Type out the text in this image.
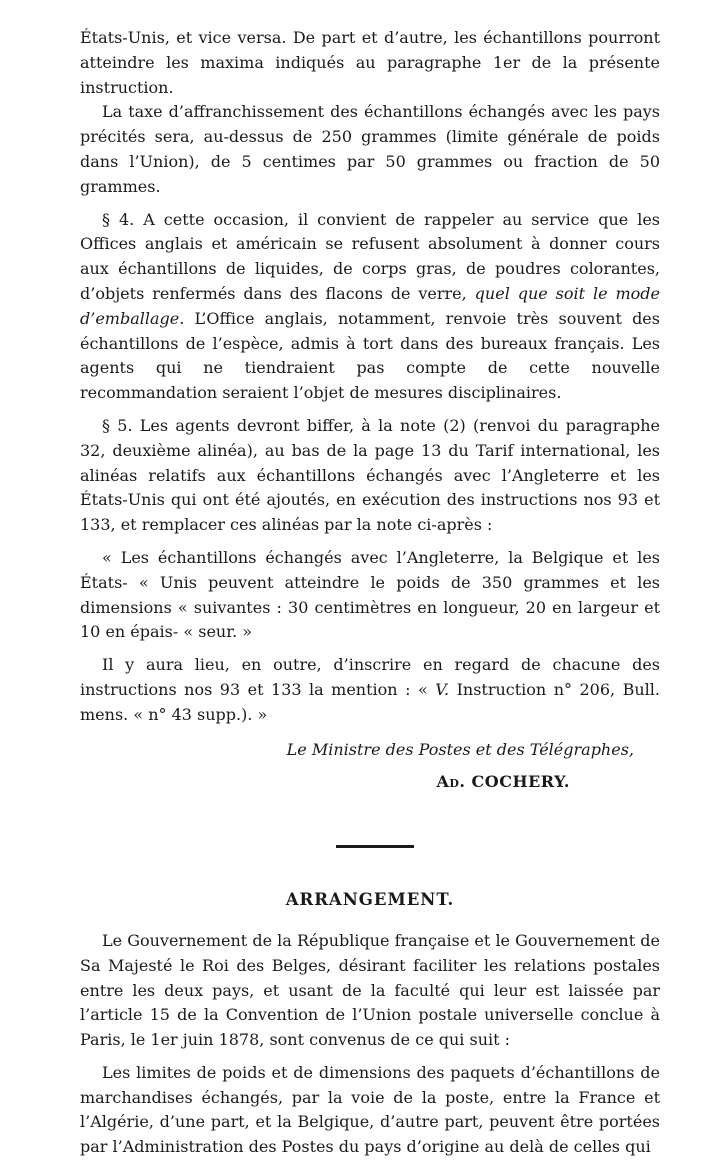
États-Unis, et vice versa. De part et d’autre, les échantillons pourront atteindre les maxima indiqués au paragraphe 1er de la présente instruction.

La taxe d’affranchissement des échantillons échangés avec les pays précités sera, au-dessus de 250 grammes (limite générale de poids dans l’Union), de 5 centimes par 50 grammes ou fraction de 50 grammes.

§ 4. A cette occasion, il convient de rappeler au service que les Offices anglais et américain se refusent absolument à donner cours aux échantillons de liquides, de corps gras, de poudres colorantes, d’objets renfermés dans des flacons de verre, quel que soit le mode d’emballage. L’Office anglais, notamment, renvoie très souvent des échantillons de l’espèce, admis à tort dans des bureaux français. Les agents qui ne tiendraient pas compte de cette nouvelle recommandation seraient l’objet de mesures disciplinaires.

§ 5. Les agents devront biffer, à la note (2) (renvoi du paragraphe 32, deuxième alinéa), au bas de la page 13 du Tarif international, les alinéas relatifs aux échantillons échangés avec l’Angleterre et les États-Unis qui ont été ajoutés, en exécution des instructions nos 93 et 133, et remplacer ces alinéas par la note ci-après :

« Les échantillons échangés avec l’Angleterre, la Belgique et les États- « Unis peuvent atteindre le poids de 350 grammes et les dimensions « suivantes : 30 centimètres en longueur, 20 en largeur et 10 en épais- « seur. »

Il y aura lieu, en outre, d’inscrire en regard de chacune des instructions nos 93 et 133 la mention : « V. Instruction n° 206, Bull. mens. « n° 43 supp.). »

Le Ministre des Postes et des Télégraphes,
Ad. COCHERY.
ARRANGEMENT.

Le Gouvernement de la République française et le Gouvernement de Sa Majesté le Roi des Belges, désirant faciliter les relations postales entre les deux pays, et usant de la faculté qui leur est laissée par l’article 15 de la Convention de l’Union postale universelle conclue à Paris, le 1er juin 1878, sont convenus de ce qui suit :

Les limites de poids et de dimensions des paquets d’échantillons de marchandises échangés, par la voie de la poste, entre la France et l’Algérie, d’une part, et la Belgique, d’autre part, peuvent être portées par l’Administration des Postes du pays d’origine au delà de celles qui
